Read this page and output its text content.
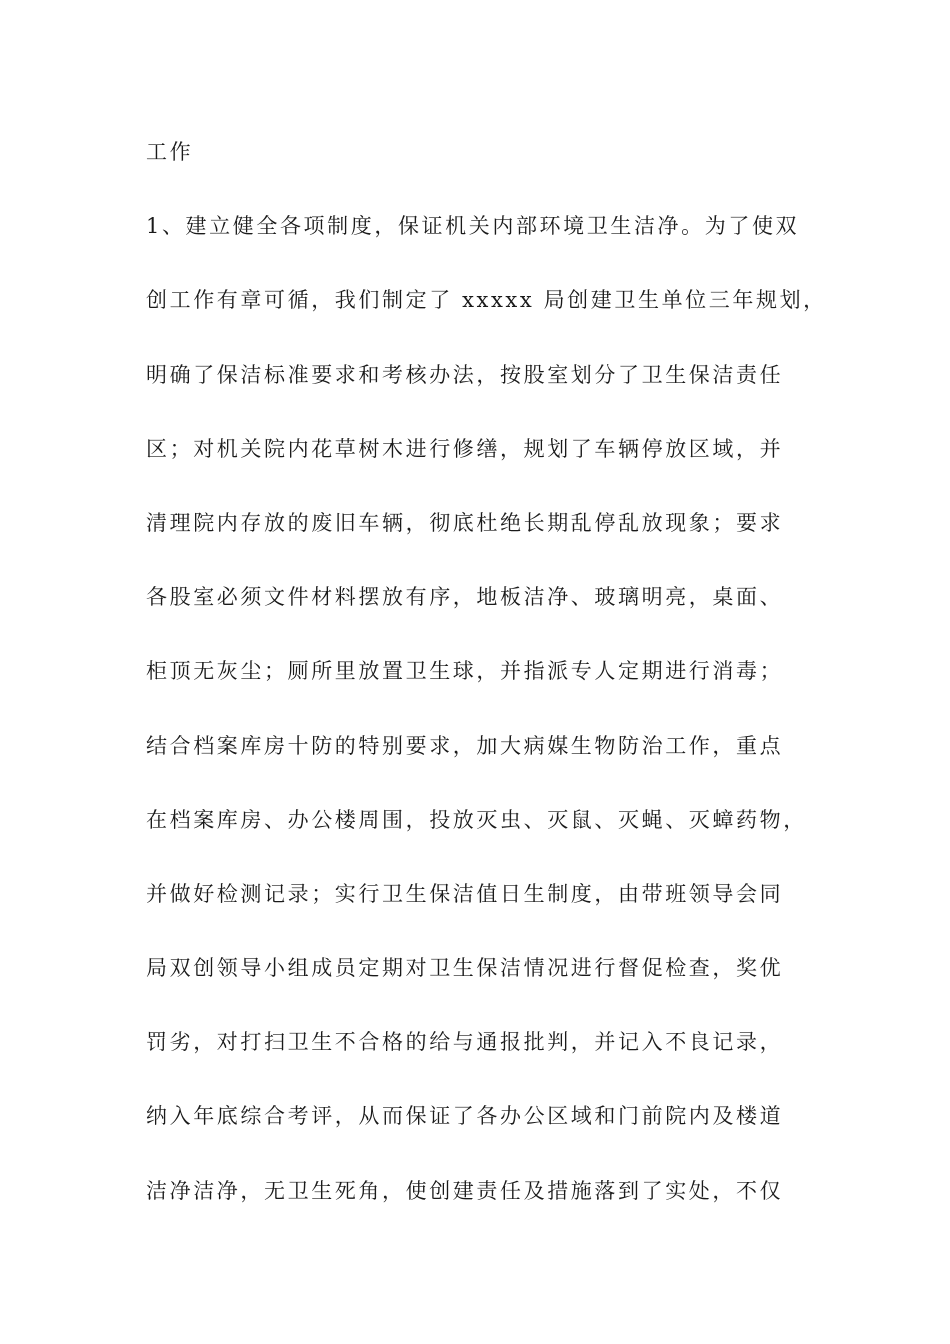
工作
1、建立健全各项制度，保证机关内部环境卫生洁净。为了使双
创工作有章可循，我们制定了 xxxxx 局创建卫生单位三年规划，
明确了保洁标准要求和考核办法，按股室划分了卫生保洁责任
区；对机关院内花草树木进行修缮，规划了车辆停放区域，并
清理院内存放的废旧车辆，彻底杜绝长期乱停乱放现象；要求
各股室必须文件材料摆放有序，地板洁净、玻璃明亮，桌面、
柜顶无灰尘；厕所里放置卫生球，并指派专人定期进行消毒；
结合档案库房十防的特别要求，加大病媒生物防治工作，重点
在档案库房、办公楼周围，投放灭虫、灭鼠、灭蝇、灭蟑药物，
并做好检测记录；实行卫生保洁值日生制度，由带班领导会同
局双创领导小组成员定期对卫生保洁情况进行督促检查，奖优
罚劣，对打扫卫生不合格的给与通报批判，并记入不良记录，
纳入年底综合考评，从而保证了各办公区域和门前院内及楼道
洁净洁净，无卫生死角，使创建责任及措施落到了实处，不仅
